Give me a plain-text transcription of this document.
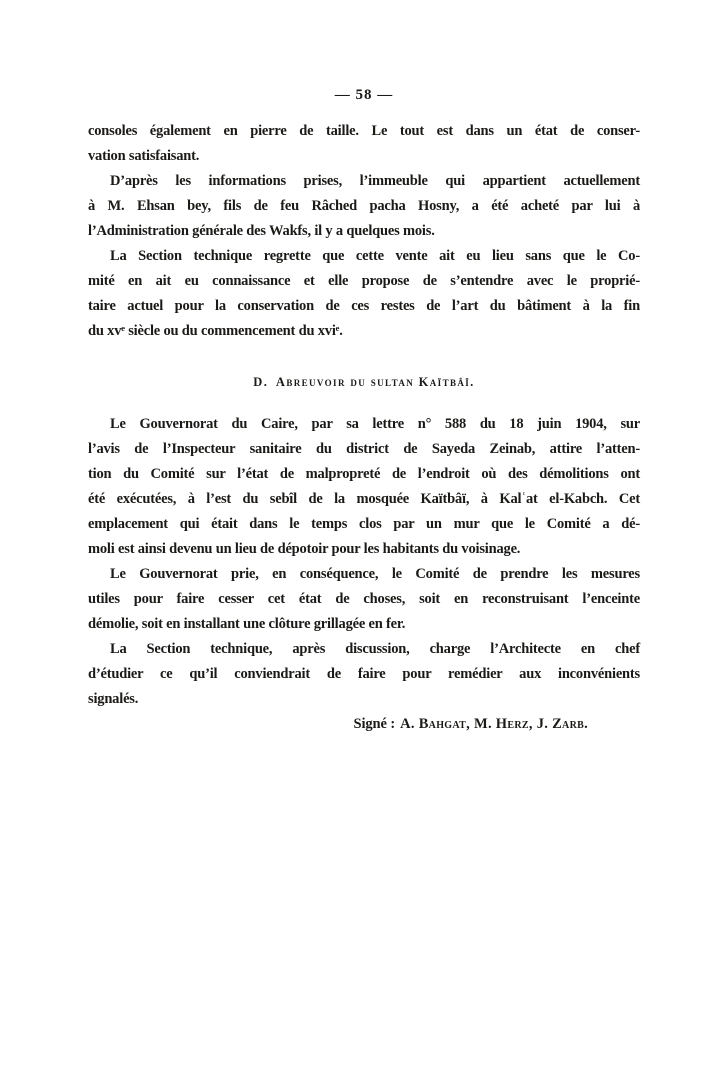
— 58 —
consoles également en pierre de taille. Le tout est dans un état de conser-
vation satisfaisant.
D’après les informations prises, l’immeuble qui appartient actuellement
à M. Ehsan bey, fils de feu Râched pacha Hosny, a été acheté par lui à
l’Administration générale des Wakfs, il y a quelques mois.
La Section technique regrette que cette vente ait eu lieu sans que le Co-
mité en ait eu connaissance et elle propose de s’entendre avec le proprié-
taire actuel pour la conservation de ces restes de l’art du bâtiment à la fin
du xvᵉ siècle ou du commencement du xviᵉ.
D. Abreuvoir du sultan Kaïtbâï.
Le Gouvernorat du Caire, par sa lettre n° 588 du 18 juin 1904, sur
l’avis de l’Inspecteur sanitaire du district de Sayeda Zeinab, attire l’atten-
tion du Comité sur l’état de malpropreté de l’endroit où des démolitions ont
été exécutées, à l’est du sebîl de la mosquée Kaïtbâï, à Kalʿat el-Kabch. Cet
emplacement qui était dans le temps clos par un mur que le Comité a dé-
moli est ainsi devenu un lieu de dépotoir pour les habitants du voisinage.
Le Gouvernorat prie, en conséquence, le Comité de prendre les mesures
utiles pour faire cesser cet état de choses, soit en reconstruisant l’enceinte
démolie, soit en installant une clôture grillagée en fer.
La Section technique, après discussion, charge l’Architecte en chef
d’étudier ce qu’il conviendrait de faire pour remédier aux inconvénients
signalés.
Signé : A. Bahgat, M. Herz, J. Zarb.
